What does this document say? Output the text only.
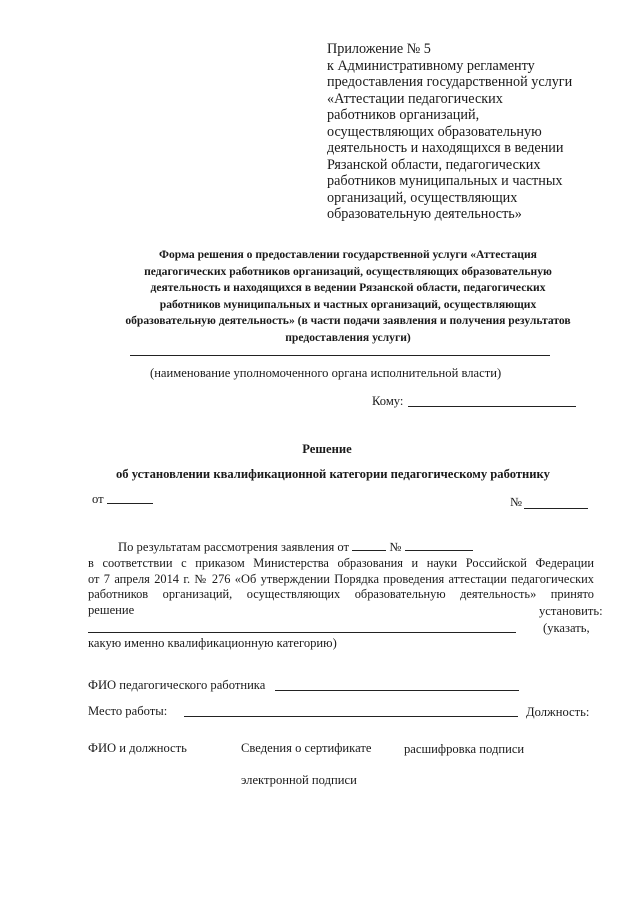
Приложение № 5
к Административному регламенту
предоставления государственной услуги
«Аттестации педагогических
работников организаций,
осуществляющих образовательную
деятельность и находящихся в ведении
Рязанской области, педагогических
работников муниципальных и частных
организаций, осуществляющих
образовательную деятельность»
Форма решения о предоставлении государственной услуги «Аттестация
педагогических работников организаций, осуществляющих образовательную
деятельность и находящихся в ведении Рязанской области, педагогических
работников муниципальных и частных организаций, осуществляющих
образовательную деятельность» (в части подачи заявления и получения результатов
предоставления услуги)
(наименование уполномоченного органа исполнительной власти)
Кому:
Решение
об установлении квалификационной категории педагогическому работнику
от	№
По результатам рассмотрения заявления от	№
в соответствии с приказом Министерства образования и науки Российской Федерации
от 7 апреля 2014 г. № 276 «Об утверждении Порядка проведения аттестации педагогических
работников организаций, осуществляющих образовательную деятельность» принято
решение	установить:
(указать,
какую именно квалификационную категорию)
ФИО педагогического работника
Место работы:	Должность:
ФИО и должность	Сведения о сертификате	расшифровка подписи
электронной подписи
